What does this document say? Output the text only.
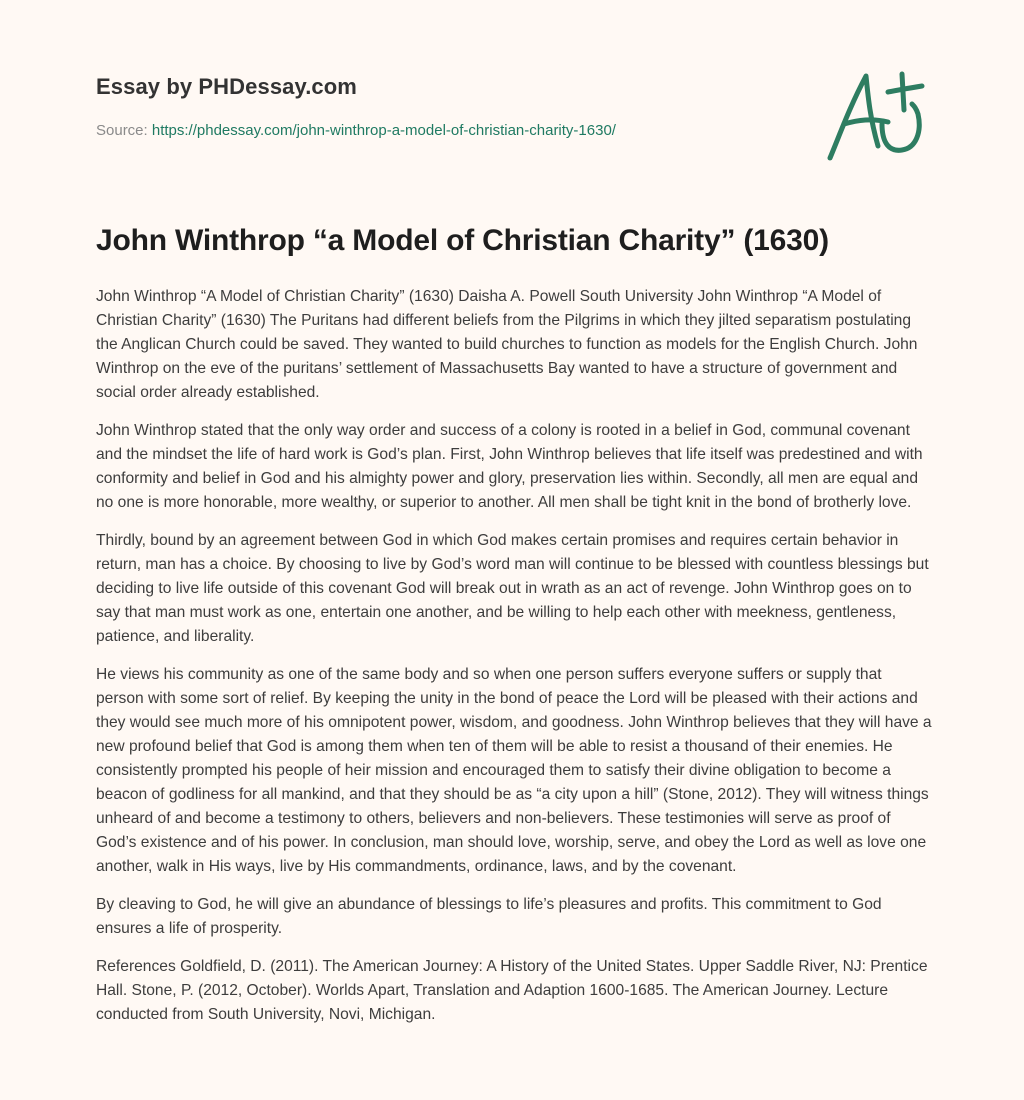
Essay by PHDessay.com
Source: https://phdessay.com/john-winthrop-a-model-of-christian-charity-1630/
John Winthrop “a Model of Christian Charity” (1630)

John Winthrop “A Model of Christian Charity” (1630) Daisha A. Powell South University John Winthrop “A Model of Christian Charity” (1630) The Puritans had different beliefs from the Pilgrims in which they jilted separatism postulating the Anglican Church could be saved. They wanted to build churches to function as models for the English Church. John Winthrop on the eve of the puritans’ settlement of Massachusetts Bay wanted to have a structure of government and social order already established.

John Winthrop stated that the only way order and success of a colony is rooted in a belief in God, communal covenant and the mindset the life of hard work is God’s plan. First, John Winthrop believes that life itself was predestined and with conformity and belief in God and his almighty power and glory, preservation lies within. Secondly, all men are equal and no one is more honorable, more wealthy, or superior to another. All men shall be tight knit in the bond of brotherly love.

Thirdly, bound by an agreement between God in which God makes certain promises and requires certain behavior in return, man has a choice. By choosing to live by God’s word man will continue to be blessed with countless blessings but deciding to live life outside of this covenant God will break out in wrath as an act of revenge. John Winthrop goes on to say that man must work as one, entertain one another, and be willing to help each other with meekness, gentleness, patience, and liberality.

He views his community as one of the same body and so when one person suffers everyone suffers or supply that person with some sort of relief. By keeping the unity in the bond of peace the Lord will be pleased with their actions and they would see much more of his omnipotent power, wisdom, and goodness. John Winthrop believes that they will have a new profound belief that God is among them when ten of them will be able to resist a thousand of their enemies. He consistently prompted his people of heir mission and encouraged them to satisfy their divine obligation to become a beacon of godliness for all mankind, and that they should be as “a city upon a hill” (Stone, 2012). They will witness things unheard of and become a testimony to others, believers and non-believers. These testimonies will serve as proof of God’s existence and of his power. In conclusion, man should love, worship, serve, and obey the Lord as well as love one another, walk in His ways, live by His commandments, ordinance, laws, and by the covenant.

By cleaving to God, he will give an abundance of blessings to life’s pleasures and profits. This commitment to God ensures a life of prosperity.

References Goldfield, D. (2011). The American Journey: A History of the United States. Upper Saddle River, NJ: Prentice Hall. Stone, P. (2012, October). Worlds Apart, Translation and Adaption 1600-1685. The American Journey. Lecture conducted from South University, Novi, Michigan.
